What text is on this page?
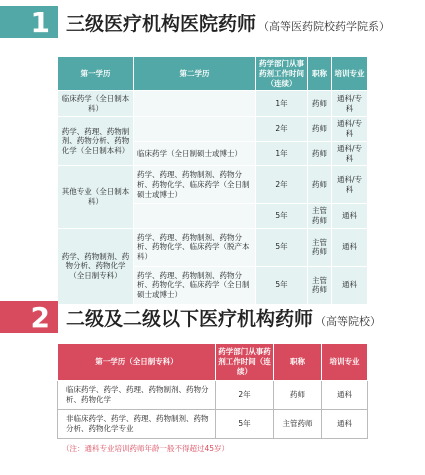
1 三级医疗机构医院药师 （高等医药院校药学院系）
第一学历	第二学历	药学部门从事药剂工作时间（连续）	职称	培训专业
临床药学（全日制本科）		1年	药师	通科/专科
药学、药理、药物制剂、药物分析、药物化学（全日制本科）		2年	药师	通科/专科
	临床药学（全日制硕士或博士）	1年	药师	通科/专科
其他专业（全日制本科）	药学、药理、药物制剂、药物分析、药物化学、临床药学（全日制硕士或博士）	2年	药师	通科/专科
		5年	主管药师	通科
药学、药物制剂、药物分析、药物化学（全日制专科）	药学、药理、药物制剂、药物分析、药物化学、临床药学（脱产本科）	5年	主管药师	通科
	药学、药理、药物制剂、药物分析、药物化学、临床药学（全日制硕士或博士）	5年	主管药师	通科
2 二级及二级以下医疗机构药师 （高等院校）
第一学历（全日制专科）	药学部门从事药剂工作时间（连续）	职称	培训专业
临床药学、药学、药理、药物制剂、药物分析、药物化学	2年	药师	通科
非临床药学、药学、药理、药物制剂、药物分析、药物化学专业	5年	主管药师	通科
（注：通科专业培训药师年龄一般不得超过45岁）
